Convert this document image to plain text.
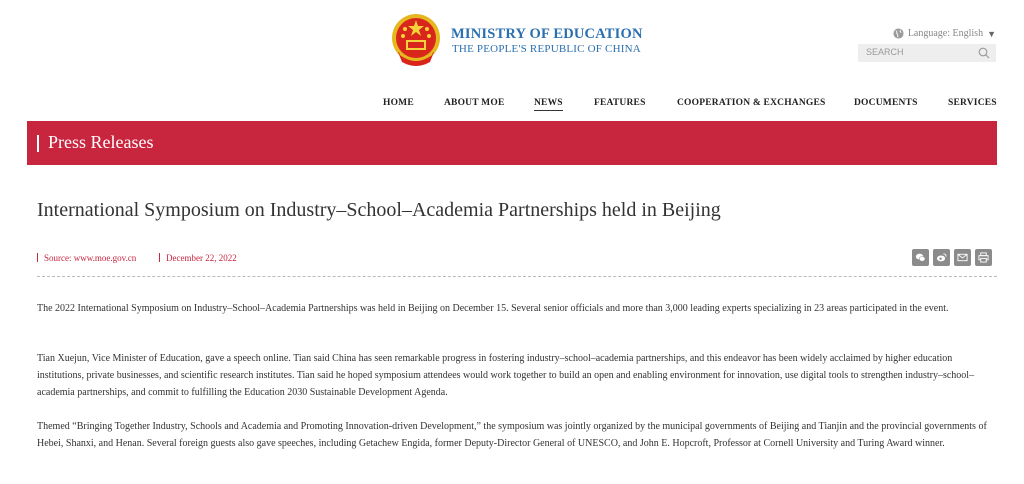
MINISTRY OF EDUCATION
THE PEOPLE'S REPUBLIC OF CHINA
Language: English ▼
SEARCH
HOME	ABOUT MOE	NEWS	FEATURES	COOPERATION & EXCHANGES	DOCUMENTS	SERVICES
Press Releases
International Symposium on Industry–School–Academia Partnerships held in Beijing
Source: www.moe.gov.cn	December 22, 2022

The 2022 International Symposium on Industry–School–Academia Partnerships was held in Beijing on December 15. Several senior officials and more than 3,000 leading experts specializing in 23 areas participated in the event.

Tian Xuejun, Vice Minister of Education, gave a speech online. Tian said China has seen remarkable progress in fostering industry–school–academia partnerships, and this endeavor has been widely acclaimed by higher education institutions, private businesses, and scientific research institutes. Tian said he hoped symposium attendees would work together to build an open and enabling environment for innovation, use digital tools to strengthen industry–school–academia partnerships, and commit to fulfilling the Education 2030 Sustainable Development Agenda.

Themed “Bringing Together Industry, Schools and Academia and Promoting Innovation-driven Development,” the symposium was jointly organized by the municipal governments of Beijing and Tianjin and the provincial governments of Hebei, Shanxi, and Henan. Several foreign guests also gave speeches, including Getachew Engida, former Deputy-Director General of UNESCO, and John E. Hopcroft, Professor at Cornell University and Turing Award winner.
